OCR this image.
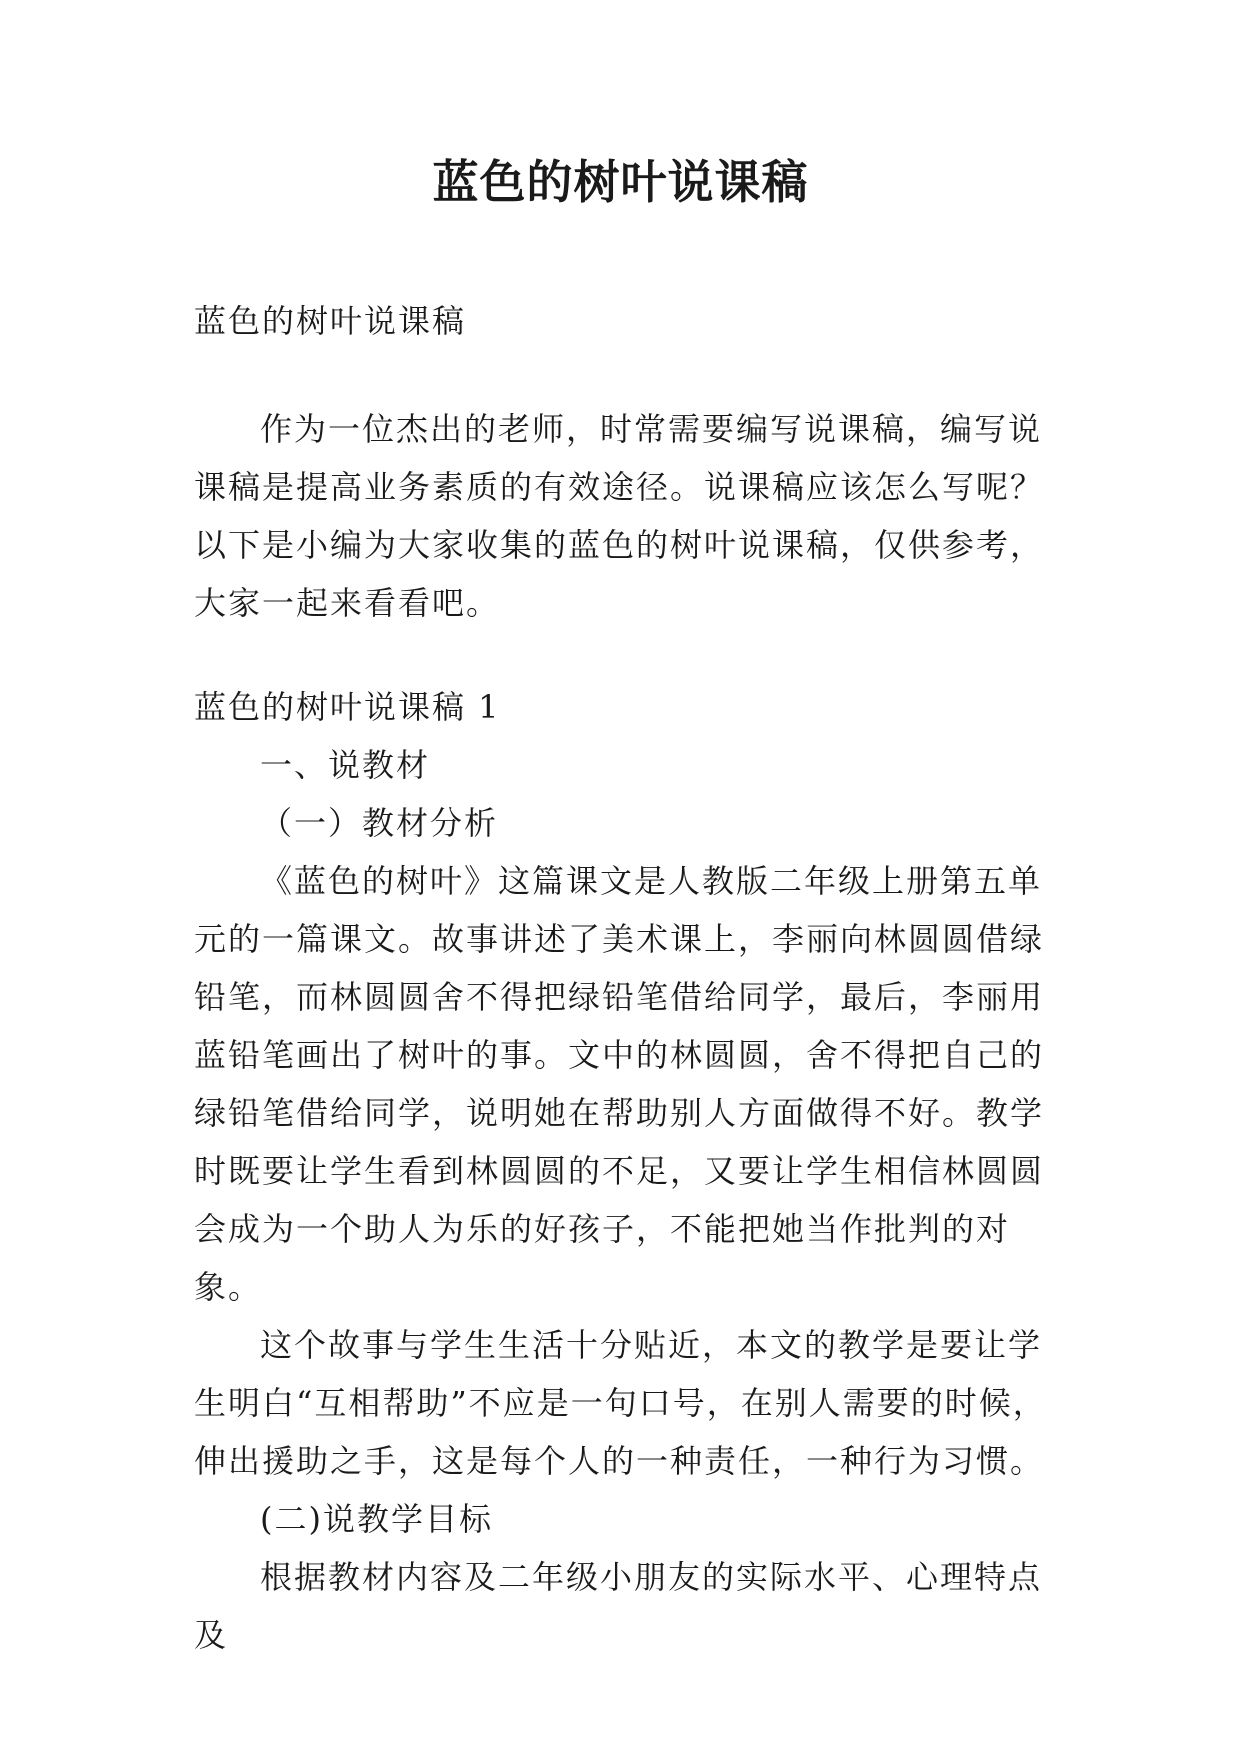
蓝色的树叶说课稿

蓝色的树叶说课稿

作为一位杰出的老师，时常需要编写说课稿，编写说课稿是提高业务素质的有效途径。说课稿应该怎么写呢？以下是小编为大家收集的蓝色的树叶说课稿，仅供参考，大家一起来看看吧。

蓝色的树叶说课稿 1

一、说教材

（一）教材分析

《蓝色的树叶》这篇课文是人教版二年级上册第五单元的一篇课文。故事讲述了美术课上，李丽向林圆圆借绿铅笔，而林圆圆舍不得把绿铅笔借给同学，最后，李丽用蓝铅笔画出了树叶的事。文中的林圆圆，舍不得把自己的绿铅笔借给同学，说明她在帮助别人方面做得不好。教学时既要让学生看到林圆圆的不足，又要让学生相信林圆圆会成为一个助人为乐的好孩子，不能把她当作批判的对象。

这个故事与学生生活十分贴近，本文的教学是要让学生明白“互相帮助”不应是一句口号，在别人需要的时候，伸出援助之手，这是每个人的一种责任，一种行为习惯。

(二)说教学目标

根据教材内容及二年级小朋友的实际水平、心理特点及
